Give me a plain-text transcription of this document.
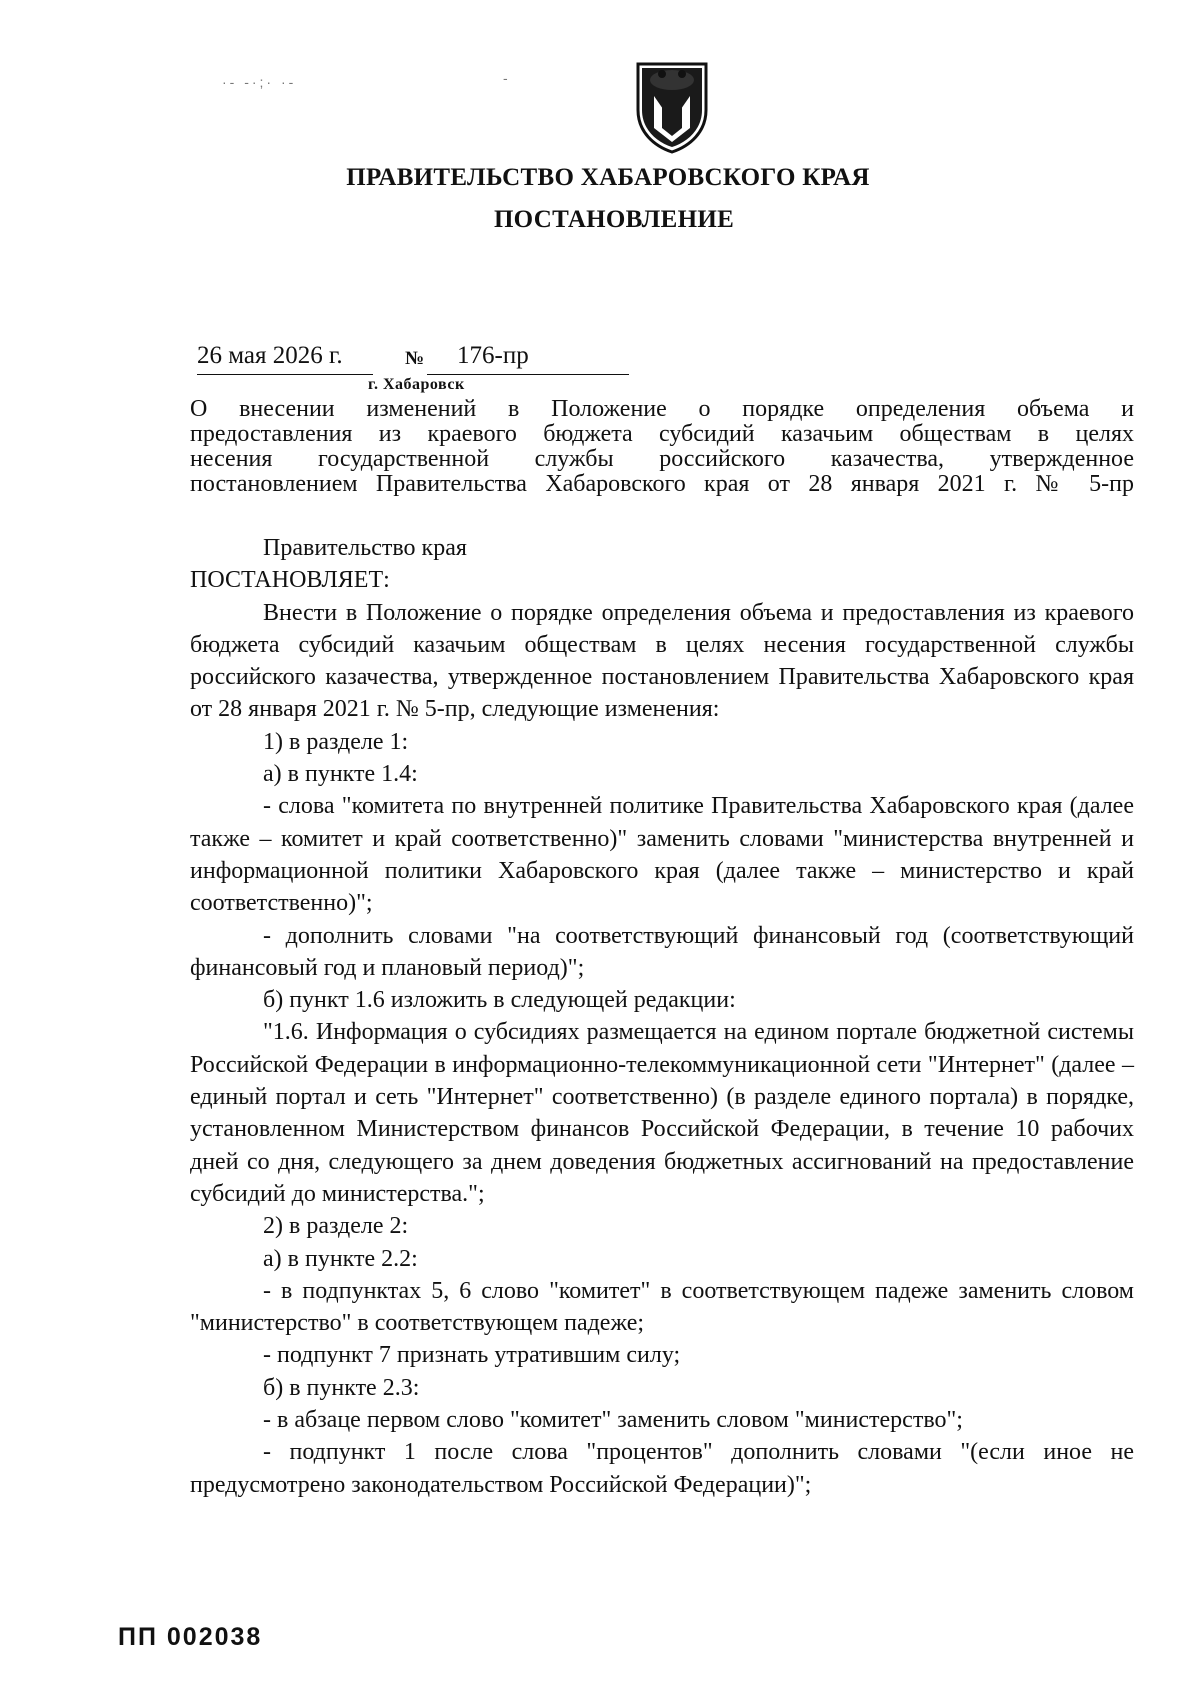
·- -·;· ·-	-
ПРАВИТЕЛЬСТВО ХАБАРОВСКОГО КРАЯ
ПОСТАНОВЛЕНИЕ
26 мая 2026 г.	№ 176-пр
г. Хабаровск
О внесении изменений в Положение о порядке определения объема и
предоставления из краевого бюджета субсидий казачьим обществам в целях
несения государственной службы российского казачества, утвержденное
постановлением Правительства Хабаровского края от 28 января 2021 г. № 5-пр
Правительство края
ПОСТАНОВЛЯЕТ:
Внести в Положение о порядке определения объема и предоставления из краевого бюджета субсидий казачьим обществам в целях несения государственной службы российского казачества, утвержденное постановлением Правительства Хабаровского края от 28 января 2021 г. № 5-пр, следующие изменения:
1) в разделе 1:
а) в пункте 1.4:
- слова "комитета по внутренней политике Правительства Хабаровского края (далее также – комитет и край соответственно)" заменить словами "министерства внутренней и информационной политики Хабаровского края (далее также – министерство и край соответственно)";
- дополнить словами "на соответствующий финансовый год (соответствующий финансовый год и плановый период)";
б) пункт 1.6 изложить в следующей редакции:
"1.6. Информация о субсидиях размещается на едином портале бюджетной системы Российской Федерации в информационно-телекоммуникационной сети "Интернет" (далее – единый портал и сеть "Интернет" соответственно) (в разделе единого портала) в порядке, установленном Министерством финансов Российской Федерации, в течение 10 рабочих дней со дня, следующего за днем доведения бюджетных ассигнований на предоставление субсидий до министерства.";
2) в разделе 2:
а) в пункте 2.2:
- в подпунктах 5, 6 слово "комитет" в соответствующем падеже заменить словом "министерство" в соответствующем падеже;
- подпункт 7 признать утратившим силу;
б) в пункте 2.3:
- в абзаце первом слово "комитет" заменить словом "министерство";
- подпункт 1 после слова "процентов" дополнить словами "(если иное не предусмотрено законодательством Российской Федерации)";
ПП 002038
